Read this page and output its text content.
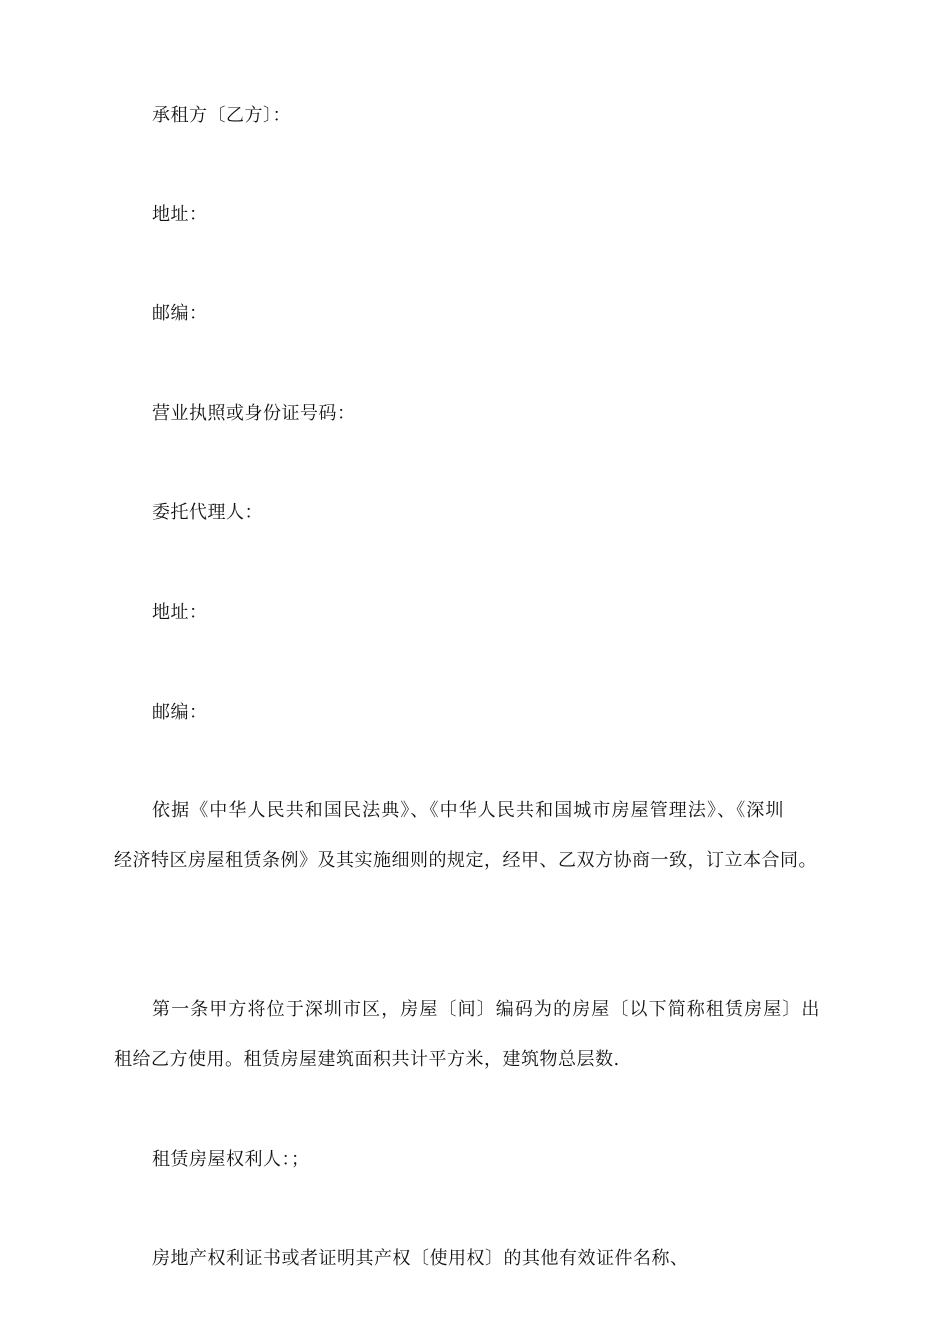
承租方〔乙方〕：
地址：
邮编：
营业执照或身份证号码：
委托代理人：
地址：
邮编：
依据《中华人民共和国民法典》、《中华人民共和国城市房屋管理法》、《深圳
经济特区房屋租赁条例》及其实施细则的规定，经甲、乙双方协商一致，订立本合同。
第一条甲方将位于深圳市区，房屋〔间〕编码为的房屋〔以下简称租赁房屋〕出
租给乙方使用。租赁房屋建筑面积共计平方米，建筑物总层数.
租赁房屋权利人：；
房地产权利证书或者证明其产权〔使用权〕的其他有效证件名称、
